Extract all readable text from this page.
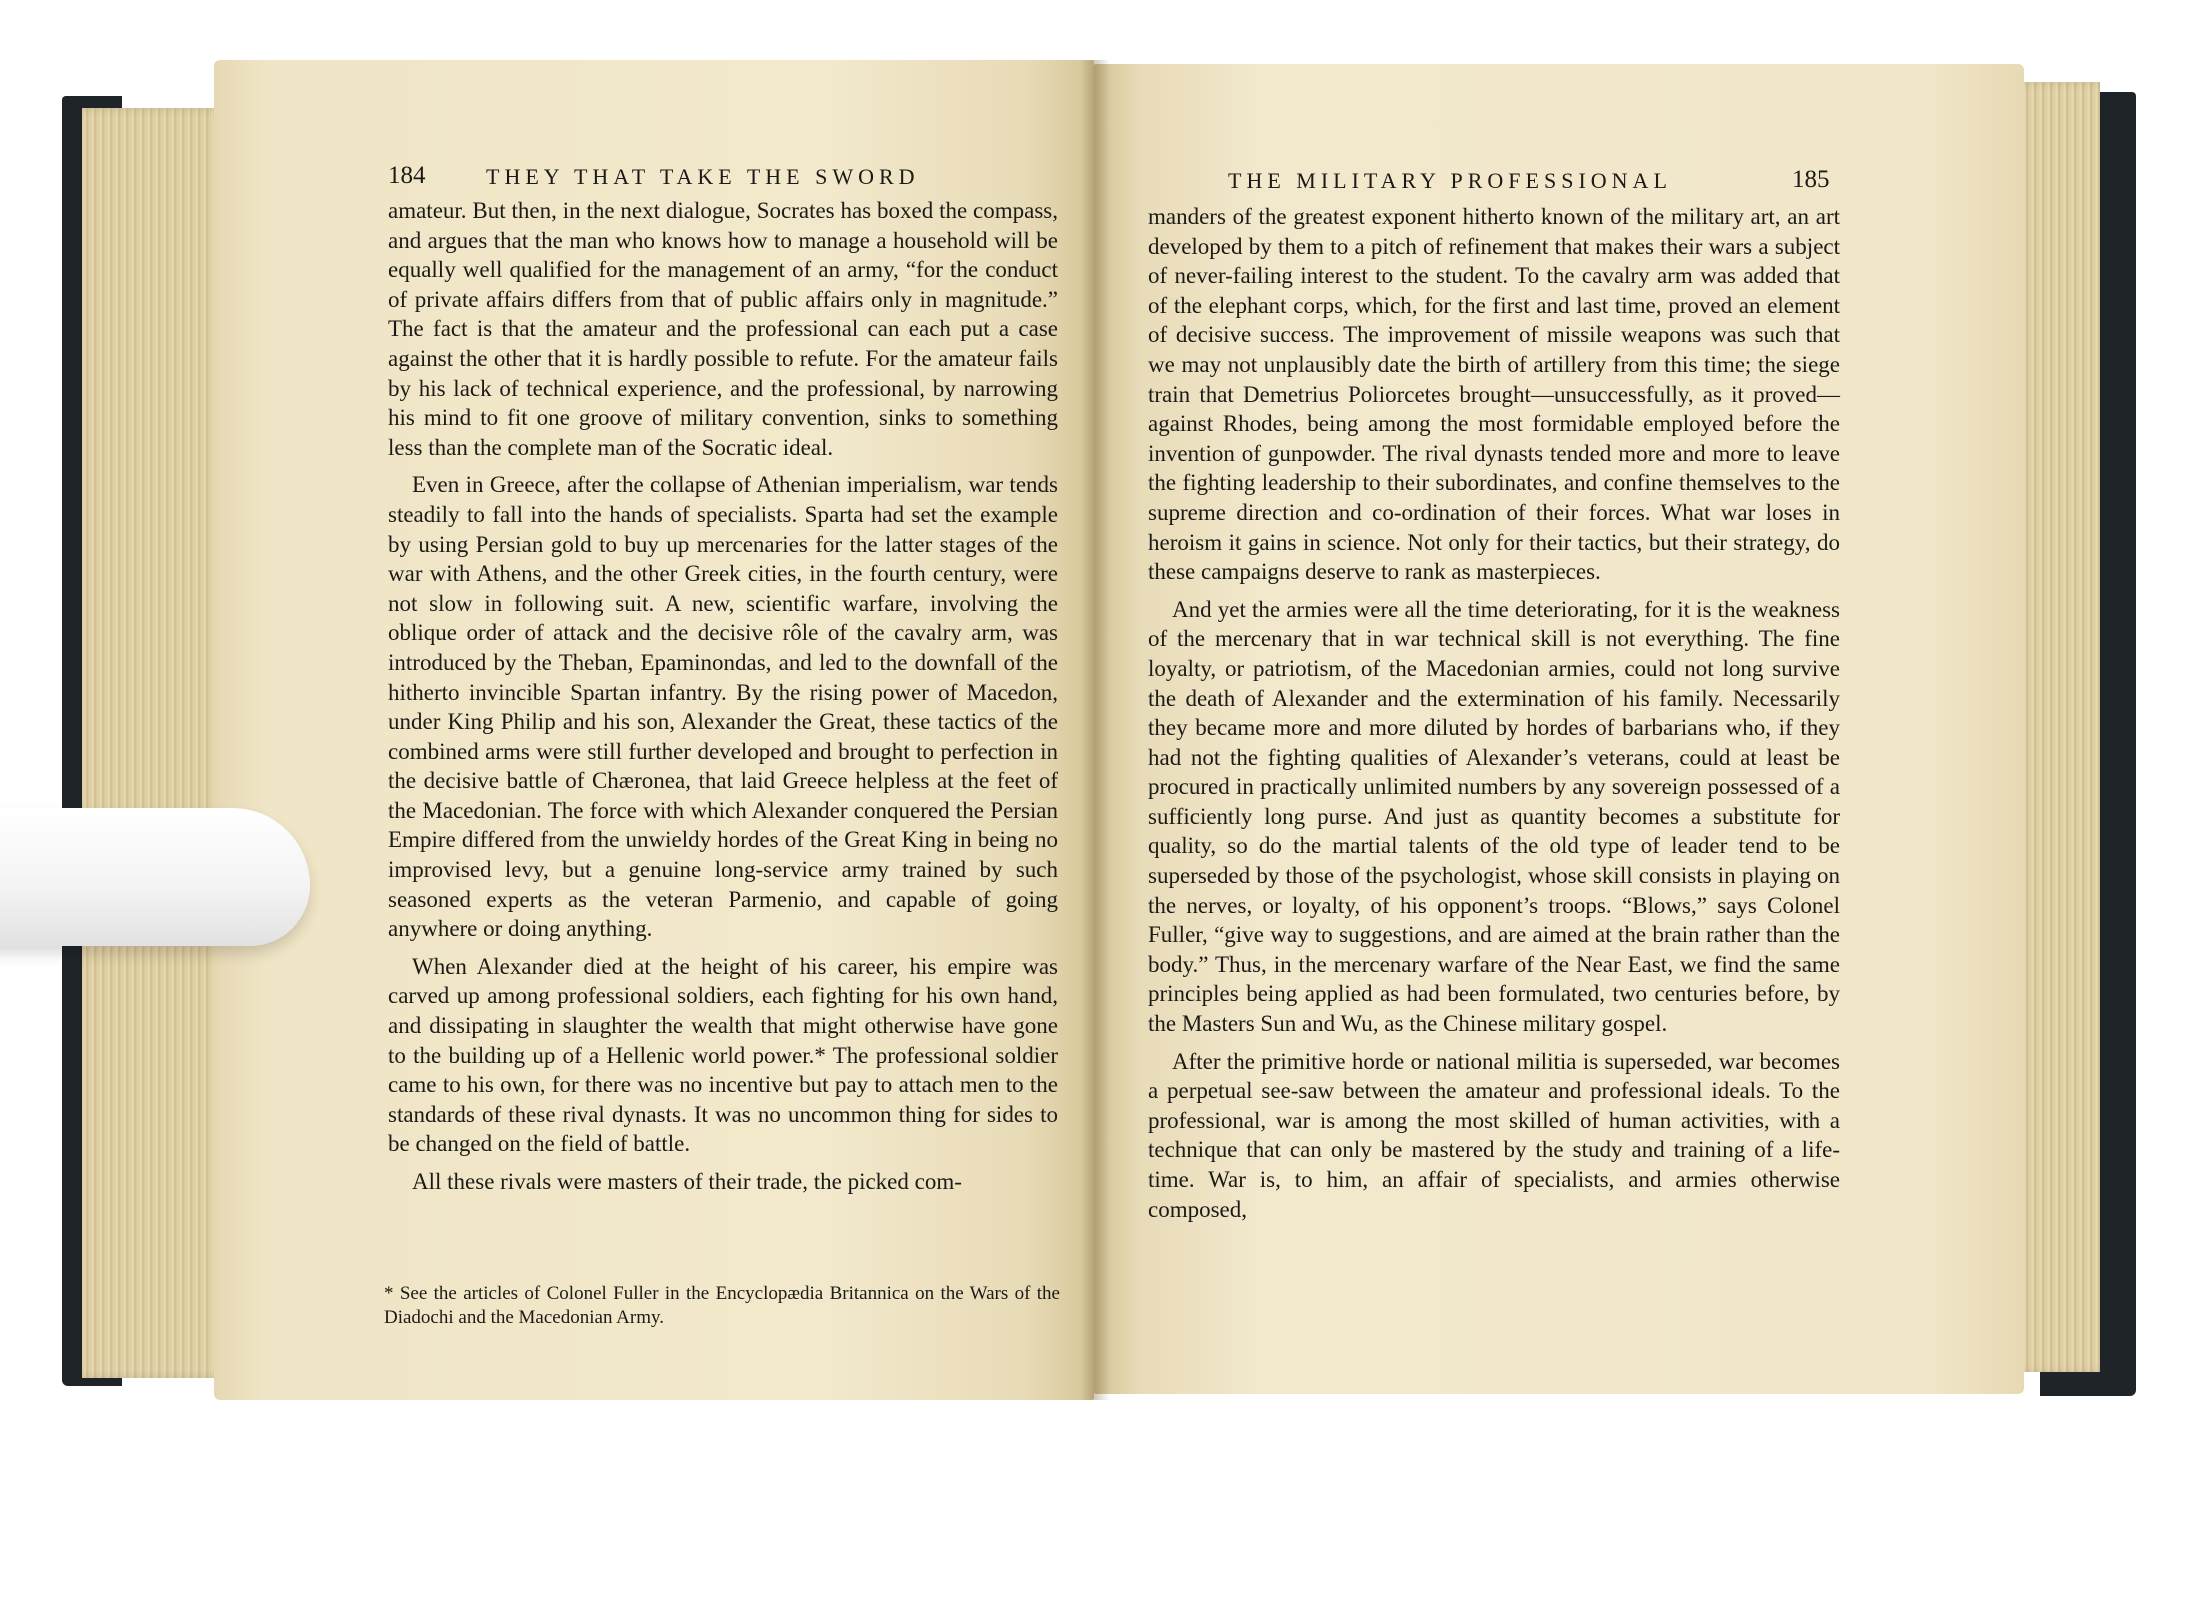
184	THEY THAT TAKE THE SWORD

amateur. But then, in the next dialogue, Socrates has boxed the compass, and argues that the man who knows how to manage a household will be equally well qualified for the management of an army, “for the conduct of private affairs differs from that of public affairs only in magnitude.” The fact is that the amateur and the professional can each put a case against the other that it is hardly possible to refute. For the amateur fails by his lack of technical experience, and the professional, by narrowing his mind to fit one groove of military convention, sinks to something less than the complete man of the Socratic ideal.

Even in Greece, after the collapse of Athenian imperialism, war tends steadily to fall into the hands of specialists. Sparta had set the example by using Persian gold to buy up mercenaries for the latter stages of the war with Athens, and the other Greek cities, in the fourth century, were not slow in following suit. A new, scientific warfare, involving the oblique order of attack and the decisive rôle of the cavalry arm, was introduced by the Theban, Epaminondas, and led to the downfall of the hitherto invincible Spartan infantry. By the rising power of Macedon, under King Philip and his son, Alexander the Great, these tactics of the combined arms were still further developed and brought to perfection in the decisive battle of Chæronea, that laid Greece helpless at the feet of the Macedonian. The force with which Alexander conquered the Persian Empire differed from the unwieldy hordes of the Great King in being no improvised levy, but a genuine long-service army trained by such seasoned experts as the veteran Parmenio, and capable of going anywhere or doing anything.

When Alexander died at the height of his career, his empire was carved up among professional soldiers, each fighting for his own hand, and dissipating in slaughter the wealth that might otherwise have gone to the building up of a Hellenic world power.* The professional soldier came to his own, for there was no incentive but pay to attach men to the standards of these rival dynasts. It was no uncommon thing for sides to be changed on the field of battle.

All these rivals were masters of their trade, the picked com-

* See the articles of Colonel Fuller in the Encyclopædia Britannica on the Wars of the Diadochi and the Macedonian Army.

THE MILITARY PROFESSIONAL	185

manders of the greatest exponent hitherto known of the military art, an art developed by them to a pitch of refinement that makes their wars a subject of never-failing interest to the student. To the cavalry arm was added that of the elephant corps, which, for the first and last time, proved an element of decisive success. The improvement of missile weapons was such that we may not unplausibly date the birth of artillery from this time; the siege train that Demetrius Poliorcetes brought—unsuccessfully, as it proved—against Rhodes, being among the most formidable employed before the invention of gunpowder. The rival dynasts tended more and more to leave the fighting leadership to their subordinates, and confine themselves to the supreme direction and co-ordination of their forces. What war loses in heroism it gains in science. Not only for their tactics, but their strategy, do these campaigns deserve to rank as masterpieces.

And yet the armies were all the time deteriorating, for it is the weakness of the mercenary that in war technical skill is not everything. The fine loyalty, or patriotism, of the Macedonian armies, could not long survive the death of Alexander and the extermination of his family. Necessarily they became more and more diluted by hordes of barbarians who, if they had not the fighting qualities of Alexander’s veterans, could at least be procured in practically unlimited numbers by any sovereign possessed of a sufficiently long purse. And just as quantity becomes a substitute for quality, so do the martial talents of the old type of leader tend to be superseded by those of the psychologist, whose skill consists in playing on the nerves, or loyalty, of his opponent’s troops. “Blows,” says Colonel Fuller, “give way to suggestions, and are aimed at the brain rather than the body.” Thus, in the mercenary warfare of the Near East, we find the same principles being applied as had been formulated, two centuries before, by the Masters Sun and Wu, as the Chinese military gospel.

After the primitive horde or national militia is superseded, war becomes a perpetual see-saw between the amateur and professional ideals. To the professional, war is among the most skilled of human activities, with a technique that can only be mastered by the study and training of a life-time. War is, to him, an affair of specialists, and armies otherwise composed,
